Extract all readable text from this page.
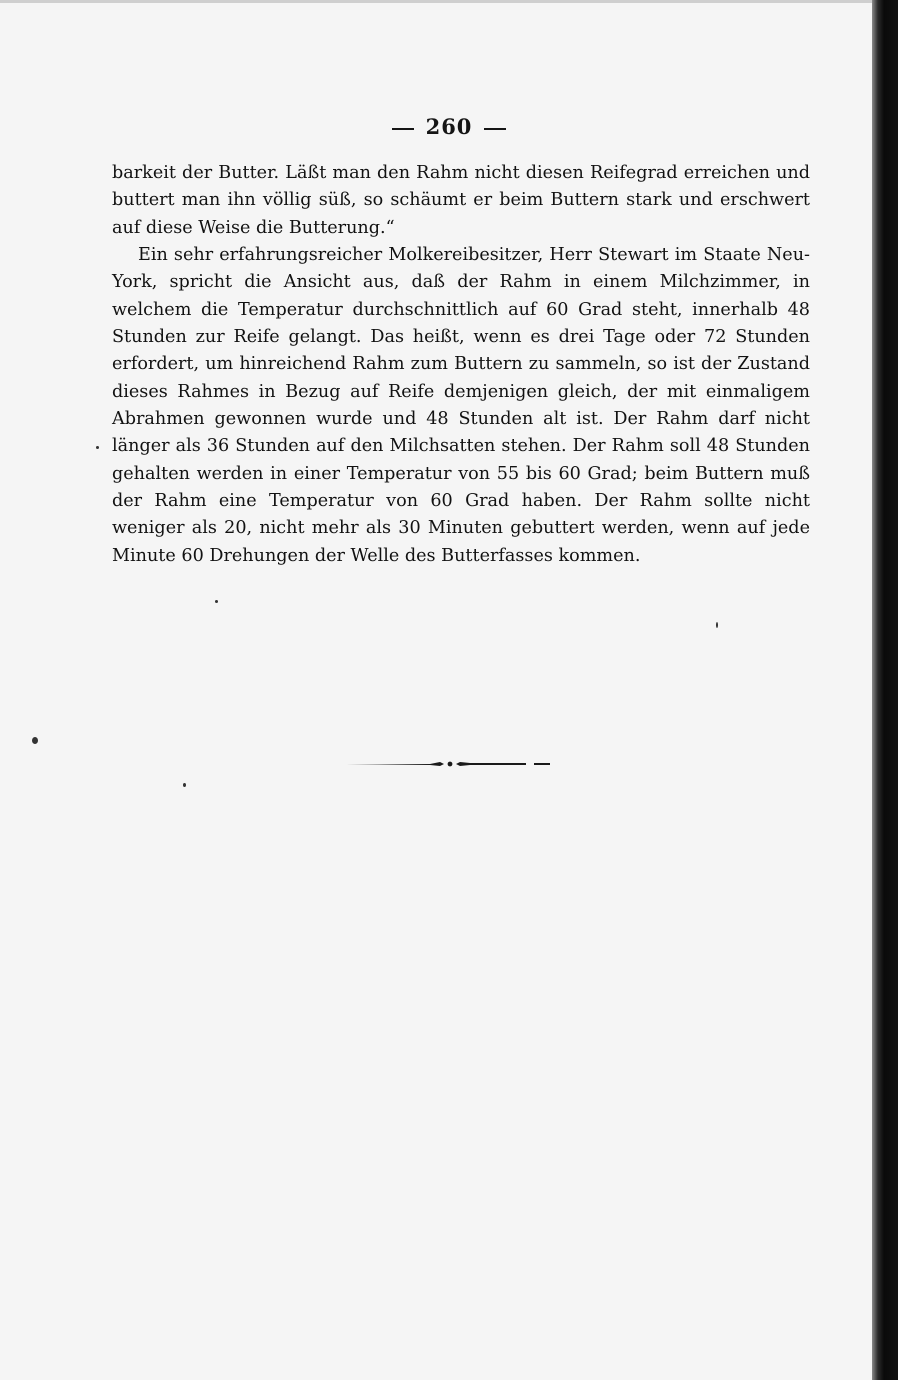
260

barkeit der Butter. Läßt man den Rahm nicht diesen Reifegrad erreichen und buttert man ihn völlig süß, so schäumt er beim Buttern stark und erschwert auf diese Weise die Butterung.“

Ein sehr erfahrungsreicher Molkereibesitzer, Herr Stewart im Staate Neu-York, spricht die Ansicht aus, daß der Rahm in einem Milchzimmer, in welchem die Temperatur durchschnittlich auf 60 Grad steht, innerhalb 48 Stunden zur Reife gelangt. Das heißt, wenn es drei Tage oder 72 Stunden erfordert, um hinreichend Rahm zum Buttern zu sammeln, so ist der Zustand dieses Rahmes in Bezug auf Reife demjenigen gleich, der mit einmaligem Abrahmen gewonnen wurde und 48 Stunden alt ist. Der Rahm darf nicht länger als 36 Stunden auf den Milchsatten stehen. Der Rahm soll 48 Stunden gehalten werden in einer Temperatur von 55 bis 60 Grad; beim Buttern muß der Rahm eine Temperatur von 60 Grad haben. Der Rahm sollte nicht weniger als 20, nicht mehr als 30 Minuten gebuttert werden, wenn auf jede Minute 60 Drehungen der Welle des Butterfasses kommen.
